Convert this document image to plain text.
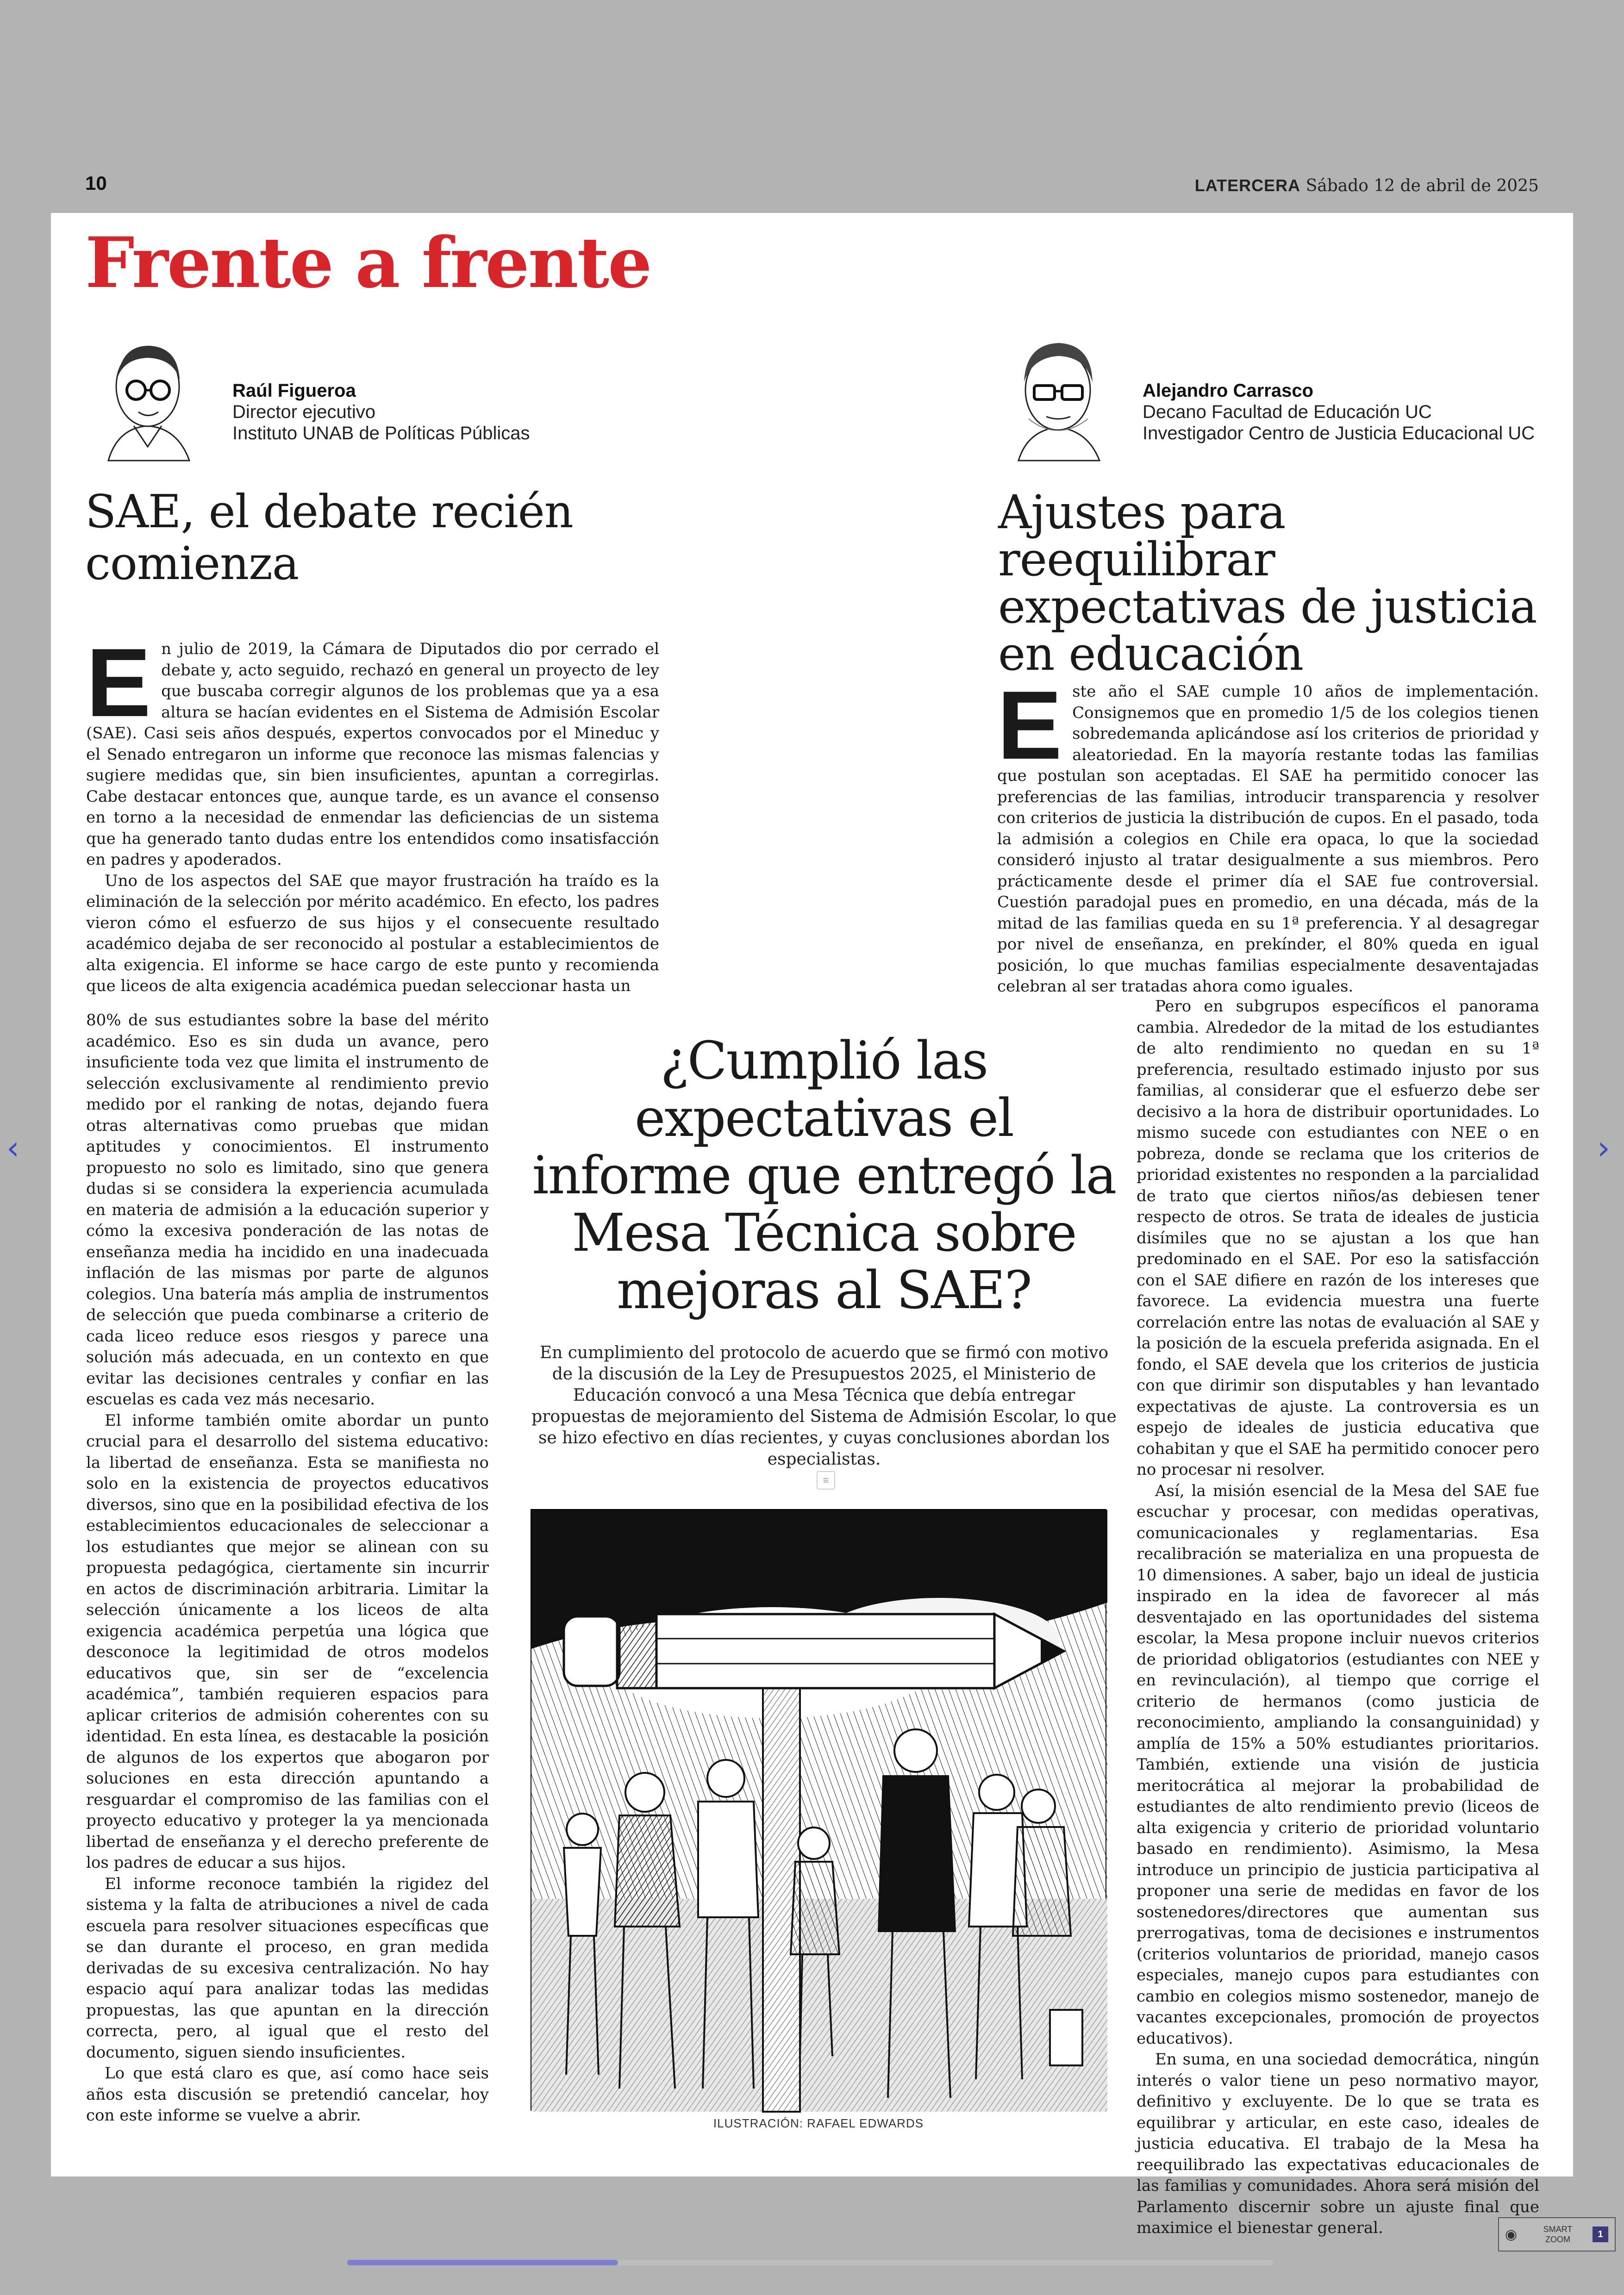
10	LATERCERA Sábado 12 de abril de 2025
‹	›
Frente a frente
Raúl Figueroa
Director ejecutivo
Instituto UNAB de Políticas Públicas
Alejandro Carrasco
Decano Facultad de Educación UC
Investigador Centro de Justicia Educacional UC
SAE, el debate recién comienza
Ajustes para reequilibrar expectativas de justicia en educación
E n julio de 2019, la Cámara de Diputados dio por cerrado el debate y, acto seguido, rechazó en general un proyecto de ley que buscaba corregir algunos de los problemas que ya a esa altura se hacían evidentes en el Sistema de Admisión Escolar (SAE). Casi seis años después, expertos convocados por el Mineduc y el Senado entregaron un informe que reconoce las mismas falencias y sugiere medidas que, sin bien insuficientes, apuntan a corregirlas. Cabe destacar entonces que, aunque tarde, es un avance el consenso en torno a la necesidad de enmendar las deficiencias de un sistema que ha generado tanto dudas entre los entendidos como insatisfacción en padres y apoderados.

Uno de los aspectos del SAE que mayor frustración ha traído es la eliminación de la selección por mérito académico. En efecto, los padres vieron cómo el esfuerzo de sus hijos y el consecuente resultado académico dejaba de ser reconocido al postular a establecimientos de alta exigencia. El informe se hace cargo de este punto y recomienda que liceos de alta exigencia académica puedan seleccionar hasta un

80% de sus estudiantes sobre la base del mérito académico. Eso es sin duda un avance, pero insuficiente toda vez que limita el instrumento de selección exclusivamente al rendimiento previo medido por el ranking de notas, dejando fuera otras alternativas como pruebas que midan aptitudes y conocimientos. El instrumento propuesto no solo es limitado, sino que genera dudas si se considera la experiencia acumulada en materia de admisión a la educación superior y cómo la excesiva ponderación de las notas de enseñanza media ha incidido en una inadecuada inflación de las mismas por parte de algunos colegios. Una batería más amplia de instrumentos de selección que pueda combinarse a criterio de cada liceo reduce esos riesgos y parece una solución más adecuada, en un contexto en que evitar las decisiones centrales y confiar en las escuelas es cada vez más necesario.

El informe también omite abordar un punto crucial para el desarrollo del sistema educativo: la libertad de enseñanza. Esta se manifiesta no solo en la existencia de proyectos educativos diversos, sino que en la posibilidad efectiva de los establecimientos educacionales de seleccionar a los estudiantes que mejor se alinean con su propuesta pedagógica, ciertamente sin incurrir en actos de discriminación arbitraria. Limitar la selección únicamente a los liceos de alta exigencia académica perpetúa una lógica que desconoce la legitimidad de otros modelos educativos que, sin ser de “excelencia académica”, también requieren espacios para aplicar criterios de admisión coherentes con su identidad. En esta línea, es destacable la posición de algunos de los expertos que abogaron por soluciones en esta dirección apuntando a resguardar el compromiso de las familias con el proyecto educativo y proteger la ya mencionada libertad de enseñanza y el derecho preferente de los padres de educar a sus hijos.

El informe reconoce también la rigidez del sistema y la falta de atribuciones a nivel de cada escuela para resolver situaciones específicas que se dan durante el proceso, en gran medida derivadas de su excesiva centralización. No hay espacio aquí para analizar todas las medidas propuestas, las que apuntan en la dirección correcta, pero, al igual que el resto del documento, siguen siendo insuficientes.

Lo que está claro es que, así como hace seis años esta discusión se pretendió cancelar, hoy con este informe se vuelve a abrir.

E ste año el SAE cumple 10 años de implementación. Consignemos que en promedio 1/5 de los colegios tienen sobredemanda aplicándose así los criterios de prioridad y aleatoriedad. En la mayoría restante todas las familias que postulan son aceptadas. El SAE ha permitido conocer las preferencias de las familias, introducir transparencia y resolver con criterios de justicia la distribución de cupos. En el pasado, toda la admisión a colegios en Chile era opaca, lo que la sociedad consideró injusto al tratar desigualmente a sus miembros. Pero prácticamente desde el primer día el SAE fue controversial. Cuestión paradojal pues en promedio, en una década, más de la mitad de las familias queda en su 1ª preferencia. Y al desagregar por nivel de enseñanza, en prekínder, el 80% queda en igual posición, lo que muchas familias especialmente desaventajadas celebran al ser tratadas ahora como iguales.

Pero en subgrupos específicos el panorama cambia. Alrededor de la mitad de los estudiantes de alto rendimiento no quedan en su 1ª preferencia, resultado estimado injusto por sus familias, al considerar que el esfuerzo debe ser decisivo a la hora de distribuir oportunidades. Lo mismo sucede con estudiantes con NEE o en pobreza, donde se reclama que los criterios de prioridad existentes no responden a la parcialidad de trato que ciertos niños/as debiesen tener respecto de otros. Se trata de ideales de justicia disímiles que no se ajustan a los que han predominado en el SAE. Por eso la satisfacción con el SAE difiere en razón de los intereses que favorece. La evidencia muestra una fuerte correlación entre las notas de evaluación al SAE y la posición de la escuela preferida asignada. En el fondo, el SAE devela que los criterios de justicia con que dirimir son disputables y han levantado expectativas de ajuste. La controversia es un espejo de ideales de justicia educativa que cohabitan y que el SAE ha permitido conocer pero no procesar ni resolver.

Así, la misión esencial de la Mesa del SAE fue escuchar y procesar, con medidas operativas, comunicacionales y reglamentarias. Esa recalibración se materializa en una propuesta de 10 dimensiones. A saber, bajo un ideal de justicia inspirado en la idea de favorecer al más desventajado en las oportunidades del sistema escolar, la Mesa propone incluir nuevos criterios de prioridad obligatorios (estudiantes con NEE y en revinculación), al tiempo que corrige el criterio de hermanos (como justicia de reconocimiento, ampliando la consanguinidad) y amplía de 15% a 50% estudiantes prioritarios. También, extiende una visión de justicia meritocrática al mejorar la probabilidad de estudiantes de alto rendimiento previo (liceos de alta exigencia y criterio de prioridad voluntario basado en rendimiento). Asimismo, la Mesa introduce un principio de justicia participativa al proponer una serie de medidas en favor de los sostenedores/directores que aumentan sus prerrogativas, toma de decisiones e instrumentos (criterios voluntarios de prioridad, manejo casos especiales, manejo cupos para estudiantes con cambio en colegios mismo sostenedor, manejo de vacantes excepcionales, promoción de proyectos educativos).

En suma, en una sociedad democrática, ningún interés o valor tiene un peso normativo mayor, definitivo y excluyente. De lo que se trata es equilibrar y articular, en este caso, ideales de justicia educativa. El trabajo de la Mesa ha reequilibrado las expectativas educacionales de las familias y comunidades. Ahora será misión del Parlamento discernir sobre un ajuste final que maximice el bienestar general.

¿Cumplió las expectativas el informe que entregó la Mesa Técnica sobre mejoras al SAE?
En cumplimiento del protocolo de acuerdo que se firmó con motivo de la discusión de la Ley de Presupuestos 2025, el Ministerio de Educación convocó a una Mesa Técnica que debía entregar propuestas de mejoramiento del Sistema de Admisión Escolar, lo que se hizo efectivo en días recientes, y cuyas conclusiones abordan los especialistas.
≡
ILUSTRACIÓN: RAFAEL EDWARDS
◉	SMART
ZOOM	1
